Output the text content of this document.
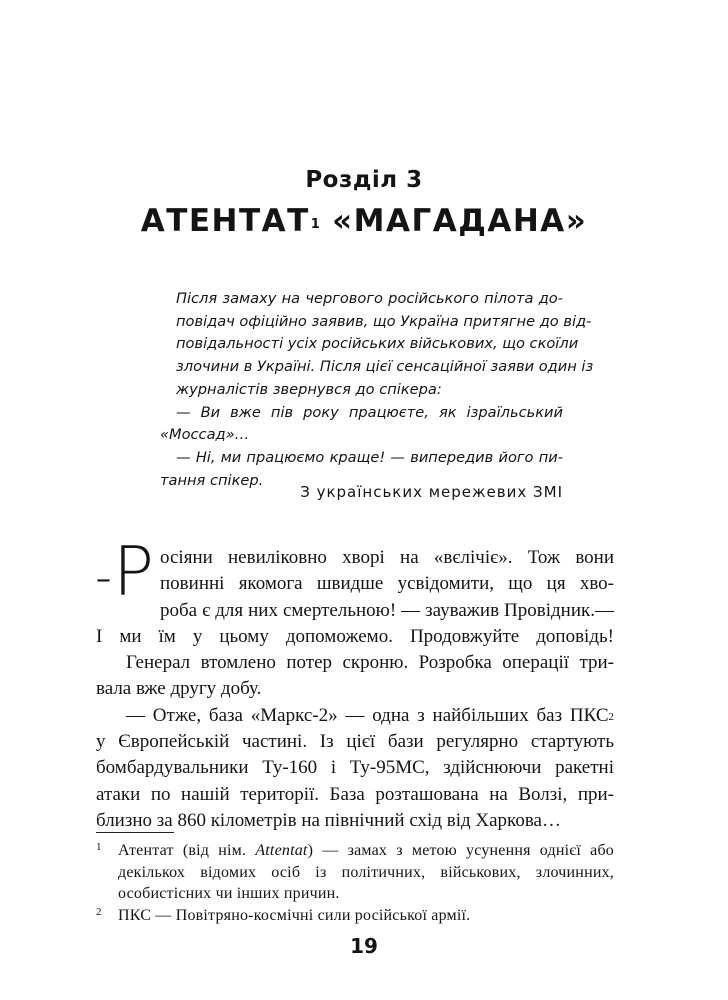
Розділ 3
АТЕНТАТ$^1$ «МАГАДАНА»

Після замаху на чергового російського пілота до-
повідач офіційно заявив, що Україна притягне до від-
повідальності усіх російських військових, що скоїли
злочини в Україні. Після цієї сенсаційної заяви один із
журналістів звернувся до спікера:

— Ви вже пів року працюєте, як ізраїльський
«Моссад»…

— Ні, ми працюємо краще! — випередив його пи-
тання спікер.

З українських мережевих ЗМІ

– Р осіяни невиліковно хворі на «вєлічіє». Тож вони
повинні якомога швидше усвідомити, що ця хво-
роба є для них смертельною! — зауважив Провідник.—
І ми їм у цьому допоможемо. Продовжуйте доповідь!

Генерал втомлено потер скроню. Розробка операції три-
вала вже другу добу.

— Отже, база «Маркс-2» — одна з найбільших баз ПКС$^2$
у Європейській частині. Із цієї бази регулярно стартують
бомбардувальники Ту-160 і Ту-95МС, здійснюючи ракетні
атаки по нашій території. База розташована на Волзі, при-
близно за 860 кілометрів на північний схід від Харкова…

1	Атентат (від нім. Attentat) — замах з метою усунення однієї або
декількох відомих осіб із політичних, військових, злочинних,
особистісних чи інших причин.
2	ПКС — Повітряно-космічні сили російської армії.
19
